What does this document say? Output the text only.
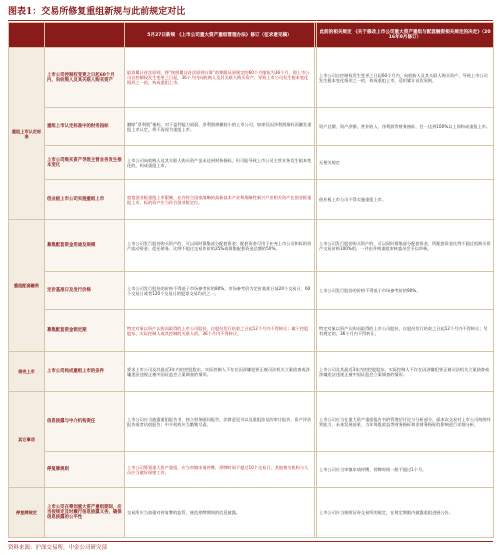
图表1：交易所修复重组新规与此前规定对比
		5月27日新规 《上市公司重大资产重组管理办法》修订（征求意见稿）		此前的相关规定 《关于修改上市公司重大资产重组与配套融资相关规定的决定》（2016年9月修订）
重组上市认定标准	上市公司控制权变更之日起60个月内，向收购人及其关联人购买资产	取消累计首次原则，将“按照累计首次原则计算”的期限从原规定的60个月缩短为36个月，即上市公司自控制权发生变更之日起，36个月内向收购人及其关联人购买资产，导致上市公司发生根本变化情形之一的，构成重组上市。		上市公司自控制权发生变更之日起60个月内，向收购人及其关联人购买资产，导致上市公司发生根本变化情形之一的，构成重组上市，适用累计首次原则。
	重组上市认定标准中的财务指标	删除“净利润”指标，对于盈利能力较弱、净利润规模较小的上市公司，如果仅因净利润指标而触发重组上市认定，将不再视为重组上市。		资产总额、资产净额、营业收入、净利润等财务指标，任一达到100%以上即构成重组上市。
	上市公司购买资产导致主营业务发生根本变化	上市公司向收购人及其关联人购买资产虽未达到财务指标，但可能导致上市公司主营业务发生根本变化的，构成重组上市。		无相关规定
	创业板上市公司实施重组上市	放宽创业板重组上市限制，允许符合国家战略的高新技术产业和战略性新兴产业相关资产在创业板重组上市，标的资产应当符合创业板定位。		创业板上市公司不得实施重组上市。
重组配套融资	募集配套资金用途及规模	上市公司发行股份购买资产的，可以同时募集部分配套资金；配套资金可用于补充上市公司和标的资产流动资金、偿还债务，比例不超过交易作价的25%或募集配套资金总额的50%。		上市公司发行股份购买资产的，可以同时募集部分配套资金，所配套资金比例不超过拟购买资产交易价格100%的，一并由并购重组审核委员会予以审核。
	定价基准日及发行价格	上市公司发行股份的价格不得低于市场参考价的80%，市场参考价为定价基准日前20个交易日、60个交易日或者120个交易日的股票交易均价之一。		上市公司发行股份的价格不得低于市场参考价的90%。
	募集配套资金锁定期	特定对象以资产认购而取得的上市公司股份，自股份发行结束之日起12个月内不得转让；属于控股股东、实际控制人或其控制的关联人的，36个月内不得转让。		特定对象以资产认购而取得的上市公司股份，自股份发行结束之日起12个月内不得转让；另有规定的，36个月内不得转让。
借壳上市	上市公司构成重组上市的条件	要求上市公司及其最近3年内的控股股东、实际控制人不存在因涉嫌犯罪正被司法机关立案侦查或涉嫌违法违规正被中国证监会立案调查的情形。		上市公司及其最近3年内的控股股东、实际控制人不存在因涉嫌犯罪正被司法机关立案侦查或涉嫌违法违规正被中国证监会立案调查的情形。
其它事项	信息披露与中介机构责任	上市公司应当披露重组报告书、独立财务顾问报告、法律意见书以及重组涉及的审计报告、资产评估报告或者估值报告；中介机构应当勤勉尽责。		上市公司应当在重大资产重组报告书的管理层讨论与分析部分，就本次交易对上市公司持续经营能力、未来发展前景、当年每股收益等财务指标和非财务指标的影响进行详细分析。
	停复牌规则	上市公司筹划重大资产重组，应当审慎申请停牌，停牌时间不超过10个交易日；其他相关机构与人员应当做好保密工作。		上市公司应当审慎申请停牌，停牌时间一般不超过1个月。
停复牌规定	上市公司在筹划重大资产重组期间，应当按规定及时履行信息披露义务，确保信息披露的公平性	交易所应当加强对停复牌的监管，规范停牌期间的信息披露。		上市公司应当按照证券交易所的规定，在规定期限内披露重组进展公告。
资料来源：沪深交易所，中金公司研究部
